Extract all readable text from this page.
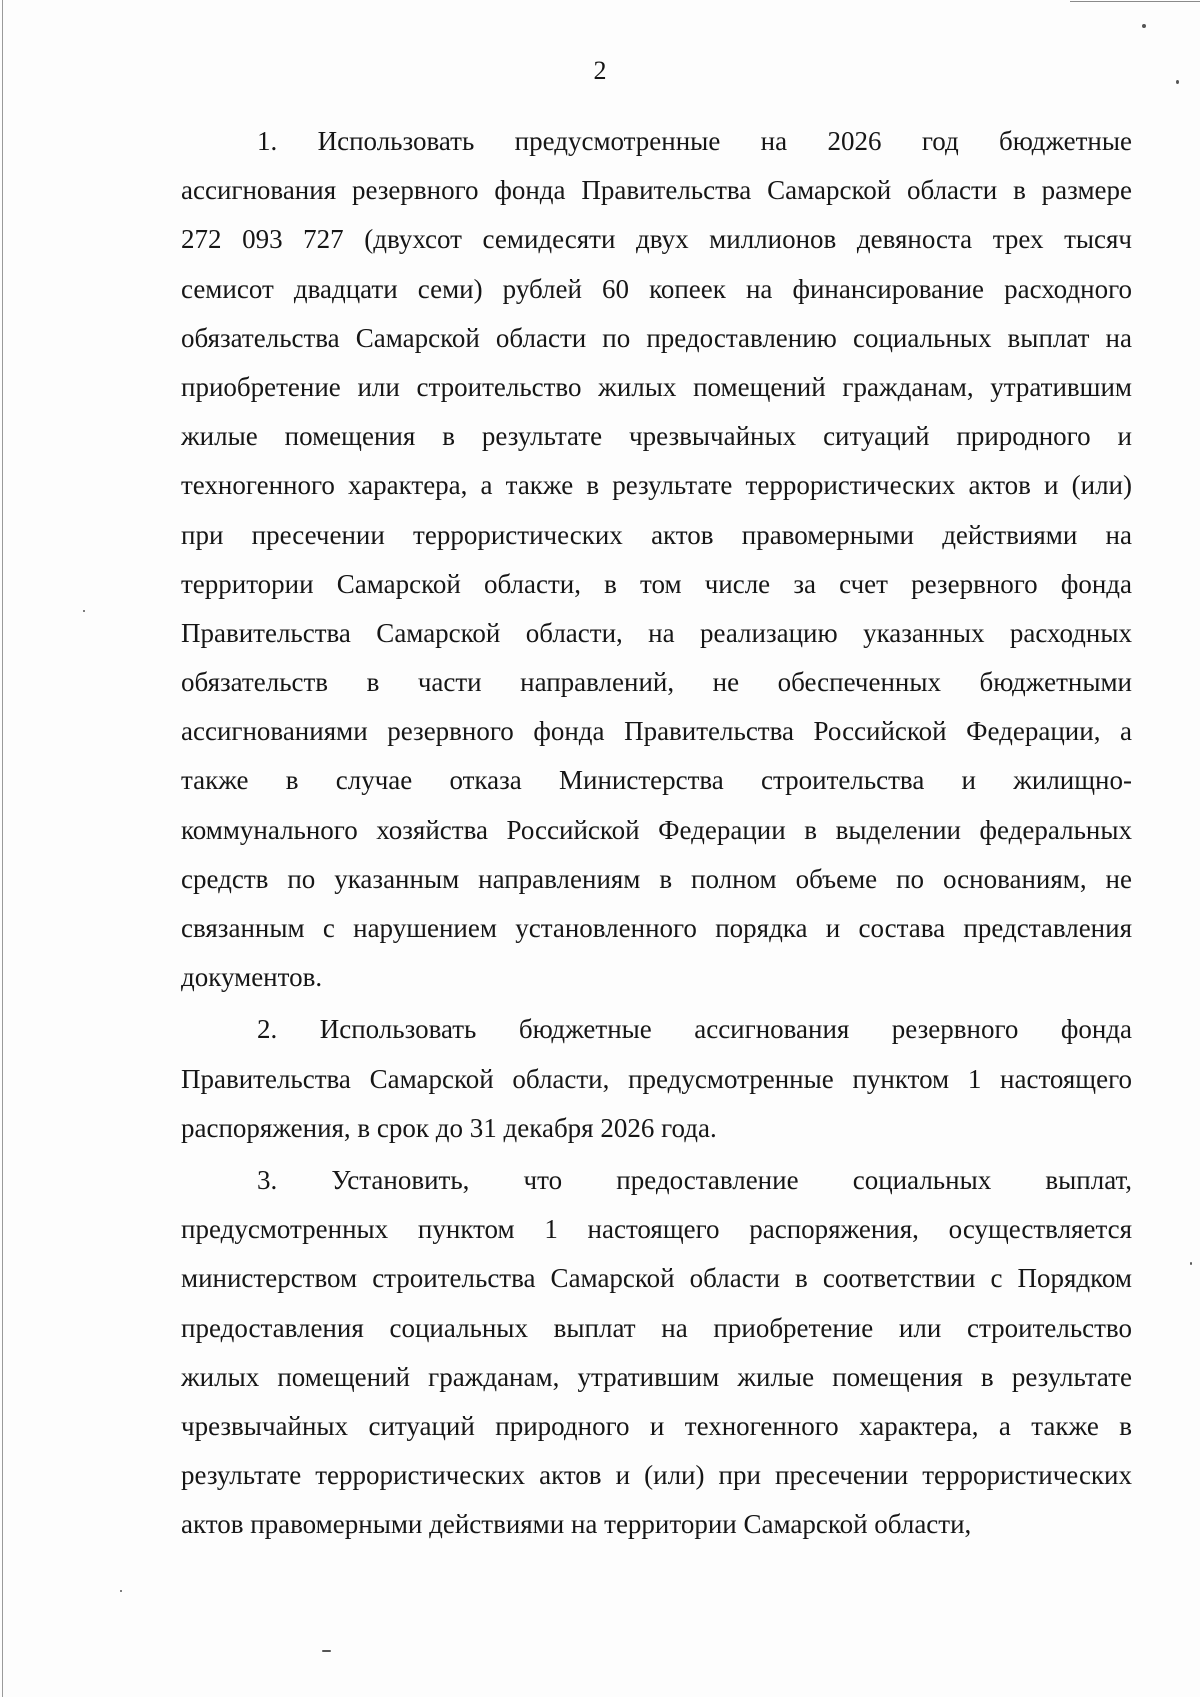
2
1. Использовать предусмотренные на 2026 год бюджетные
ассигнования резервного фонда Правительства Самарской области в размере
272 093 727 (двухсот семидесяти двух миллионов девяноста трех тысяч
семисот двадцати семи) рублей 60 копеек на финансирование расходного
обязательства Самарской области по предоставлению социальных выплат на
приобретение или строительство жилых помещений гражданам, утратившим
жилые помещения в результате чрезвычайных ситуаций природного и
техногенного характера, а также в результате террористических актов и (или)
при пресечении террористических актов правомерными действиями на
территории Самарской области, в том числе за счет резервного фонда
Правительства Самарской области, на реализацию указанных расходных
обязательств в части направлений, не обеспеченных бюджетными
ассигнованиями резервного фонда Правительства Российской Федерации, а
также в случае отказа Министерства строительства и жилищно-
коммунального хозяйства Российской Федерации в выделении федеральных
средств по указанным направлениям в полном объеме по основаниям, не
связанным с нарушением установленного порядка и состава представления
документов.
2. Использовать бюджетные ассигнования резервного фонда
Правительства Самарской области, предусмотренные пунктом 1 настоящего
распоряжения, в срок до 31 декабря 2026 года.
3. Установить, что предоставление социальных выплат,
предусмотренных пунктом 1 настоящего распоряжения, осуществляется
министерством строительства Самарской области в соответствии с Порядком
предоставления социальных выплат на приобретение или строительство
жилых помещений гражданам, утратившим жилые помещения в результате
чрезвычайных ситуаций природного и техногенного характера, а также в
результате террористических актов и (или) при пресечении террористических
актов правомерными действиями на территории Самарской области,
